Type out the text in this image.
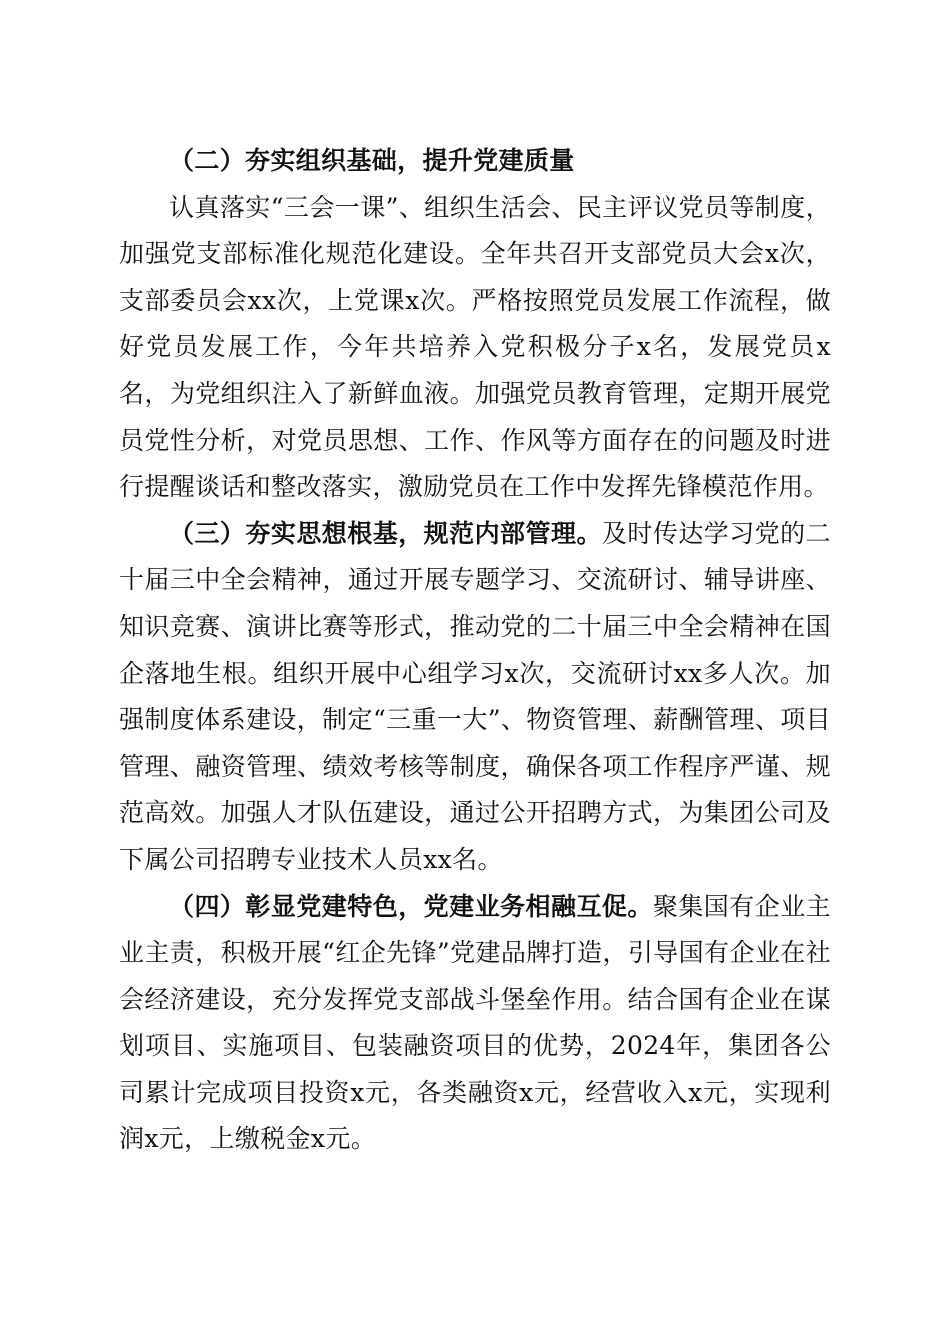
（二）夯实组织基础，提升党建质量

认真落实“三会一课”、组织生活会、民主评议党员等制度，加强党支部标准化规范化建设。全年共召开支部党员大会x次，支部委员会xx次，上党课x次。严格按照党员发展工作流程，做好党员发展工作，今年共培养入党积极分子x名，发展党员x名，为党组织注入了新鲜血液。加强党员教育管理，定期开展党员党性分析，对党员思想、工作、作风等方面存在的问题及时进行提醒谈话和整改落实，激励党员在工作中发挥先锋模范作用。

（三）夯实思想根基，规范内部管理。及时传达学习党的二十届三中全会精神，通过开展专题学习、交流研讨、辅导讲座、知识竞赛、演讲比赛等形式，推动党的二十届三中全会精神在国企落地生根。组织开展中心组学习x次，交流研讨xx多人次。加强制度体系建设，制定“三重一大”、物资管理、薪酬管理、项目管理、融资管理、绩效考核等制度，确保各项工作程序严谨、规范高效。加强人才队伍建设，通过公开招聘方式，为集团公司及下属公司招聘专业技术人员xx名。

（四）彰显党建特色，党建业务相融互促。聚集国有企业主业主责，积极开展“红企先锋”党建品牌打造，引导国有企业在社会经济建设，充分发挥党支部战斗堡垒作用。结合国有企业在谋划项目、实施项目、包装融资项目的优势，2024年，集团各公司累计完成项目投资x元，各类融资x元，经营收入x元，实现利润x元，上缴税金x元。
